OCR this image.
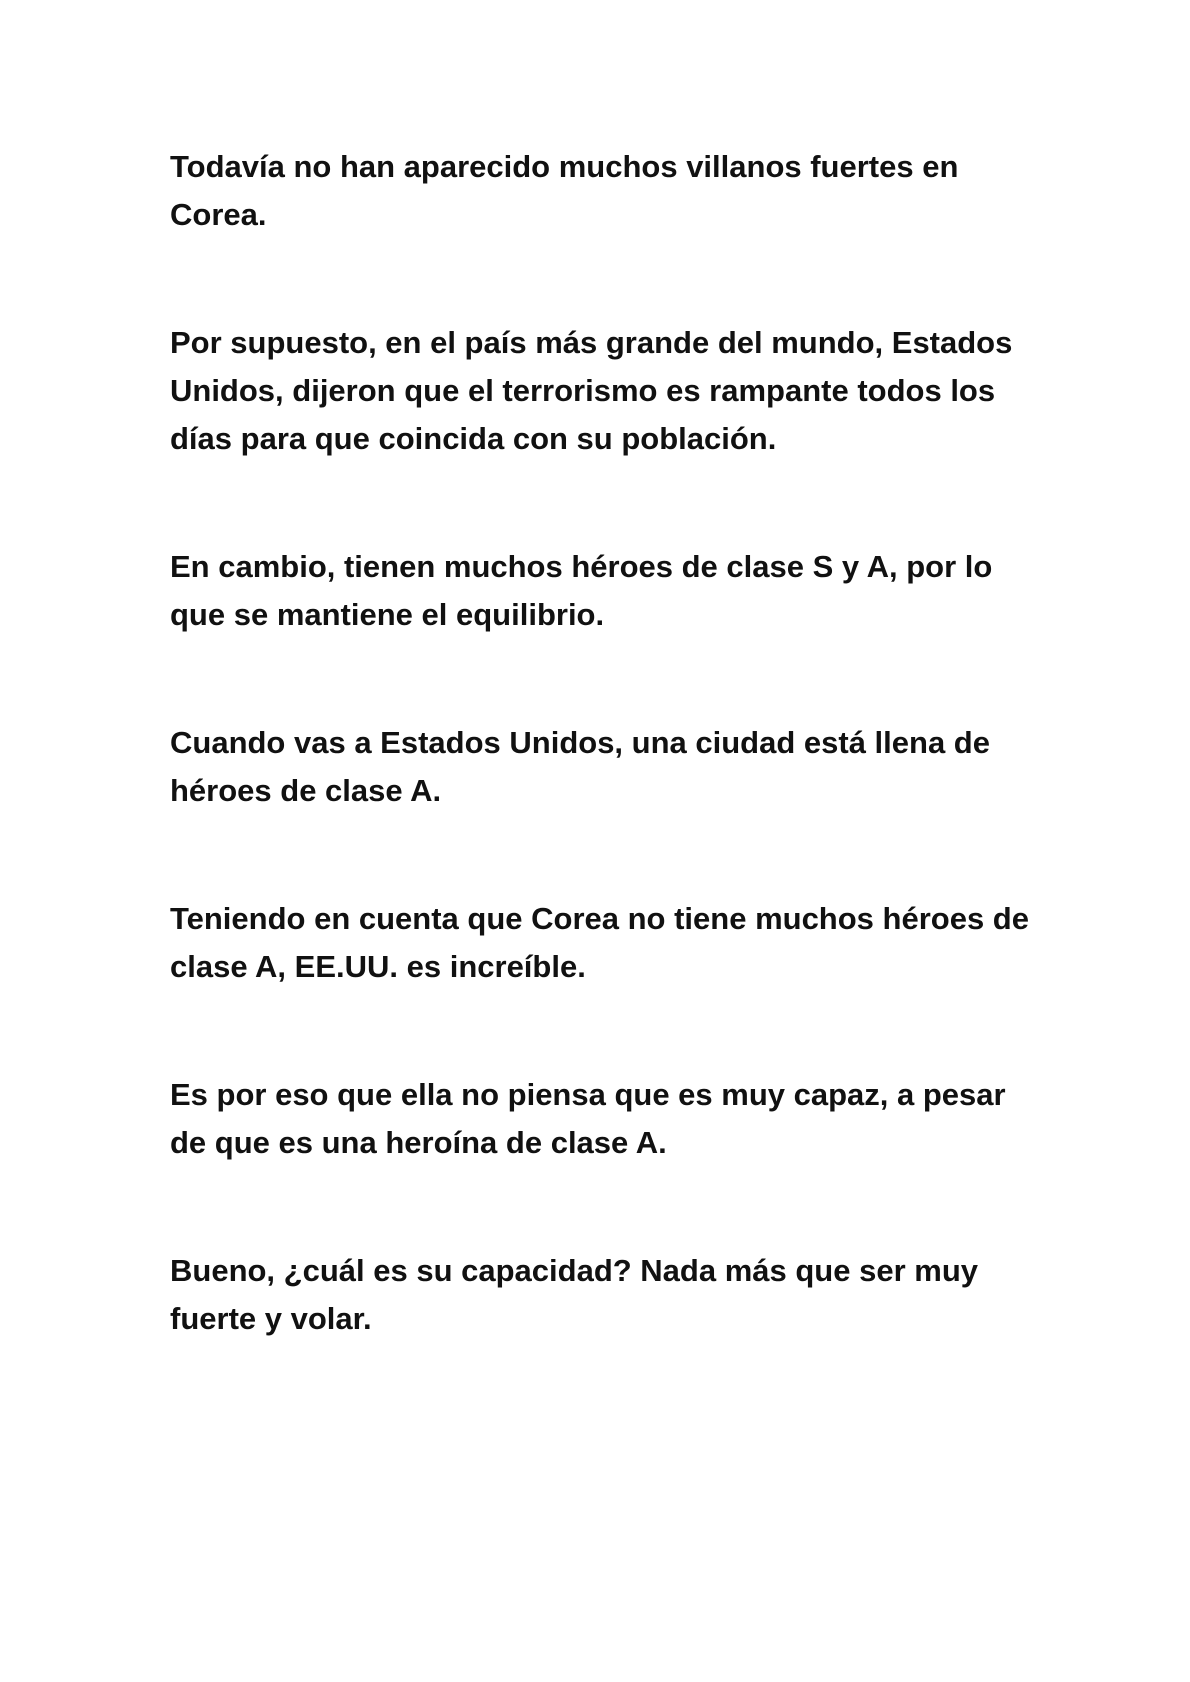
Todavía no han aparecido muchos villanos fuertes en Corea.

Por supuesto, en el país más grande del mundo, Estados Unidos, dijeron que el terrorismo es rampante todos los días para que coincida con su población.

En cambio, tienen muchos héroes de clase S y A, por lo que se mantiene el equilibrio.

Cuando vas a Estados Unidos, una ciudad está llena de héroes de clase A.

Teniendo en cuenta que Corea no tiene muchos héroes de clase A, EE.UU. es increíble.

Es por eso que ella no piensa que es muy capaz, a pesar de que es una heroína de clase A.

Bueno, ¿cuál es su capacidad? Nada más que ser muy fuerte y volar.
